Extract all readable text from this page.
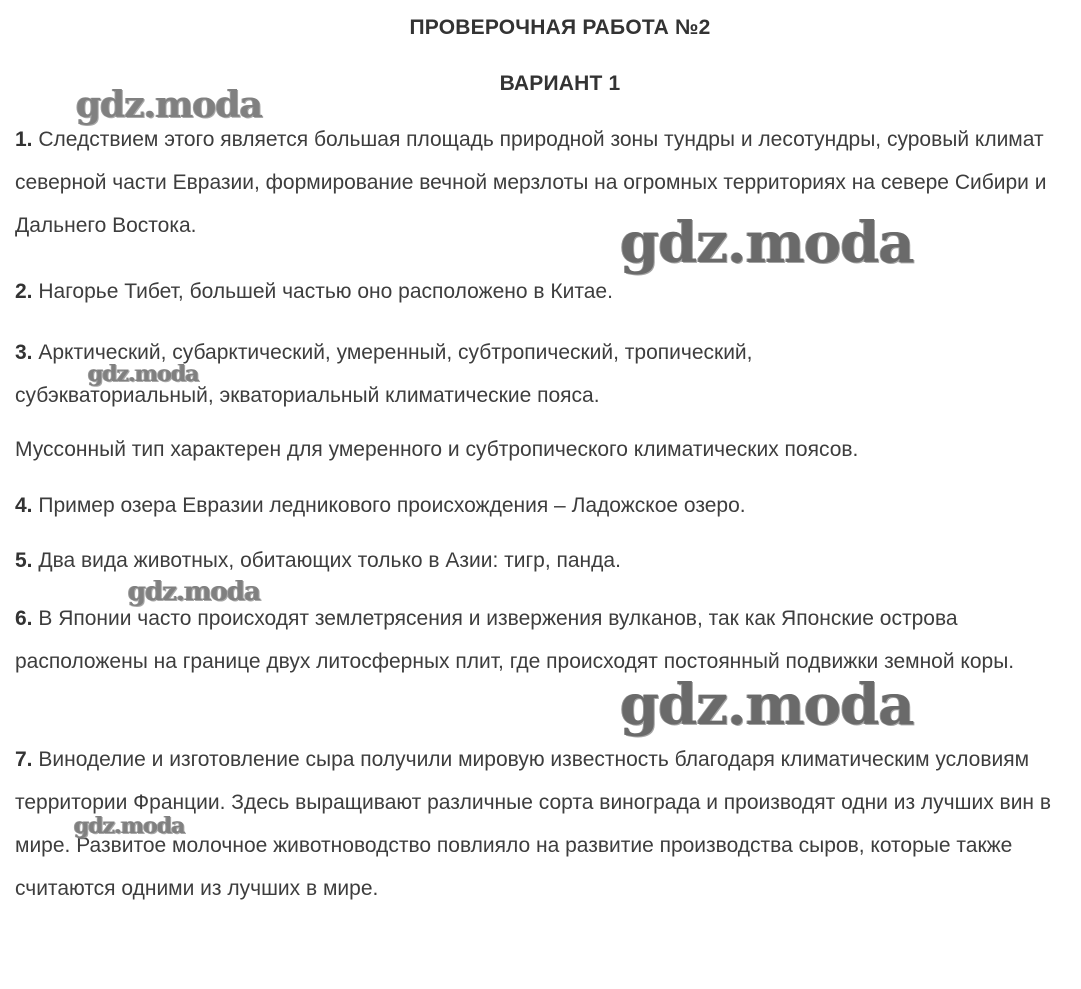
ПРОВЕРОЧНАЯ РАБОТА №2
ВАРИАНТ 1

1. Следствием этого является большая площадь природной зоны тундры и лесотундры, суровый климат северной части Евразии, формирование вечной мерзлоты на огромных территориях на севере Сибири и Дальнего Востока.

2. Нагорье Тибет, большей частью оно расположено в Китае.

3. Арктический, субарктический, умеренный, субтропический, тропический, субэкваториальный, экваториальный климатические пояса.

Муссонный тип характерен для умеренного и субтропического климатических поясов.

4. Пример озера Евразии ледникового происхождения – Ладожское озеро.

5. Два вида животных, обитающих только в Азии: тигр, панда.

6. В Японии часто происходят землетрясения и извержения вулканов, так как Японские острова расположены на границе двух литосферных плит, где происходят постоянный подвижки земной коры.

7. Виноделие и изготовление сыра получили мировую известность благодаря климатическим условиям территории Франции. Здесь выращивают различные сорта винограда и производят одни из лучших вин в мире. Развитое молочное животноводство повлияло на развитие производства сыров, которые также считаются одними из лучших в мире.

gdz.moda
gdz.moda
gdz.moda
gdz.moda
gdz.moda
gdz.moda
